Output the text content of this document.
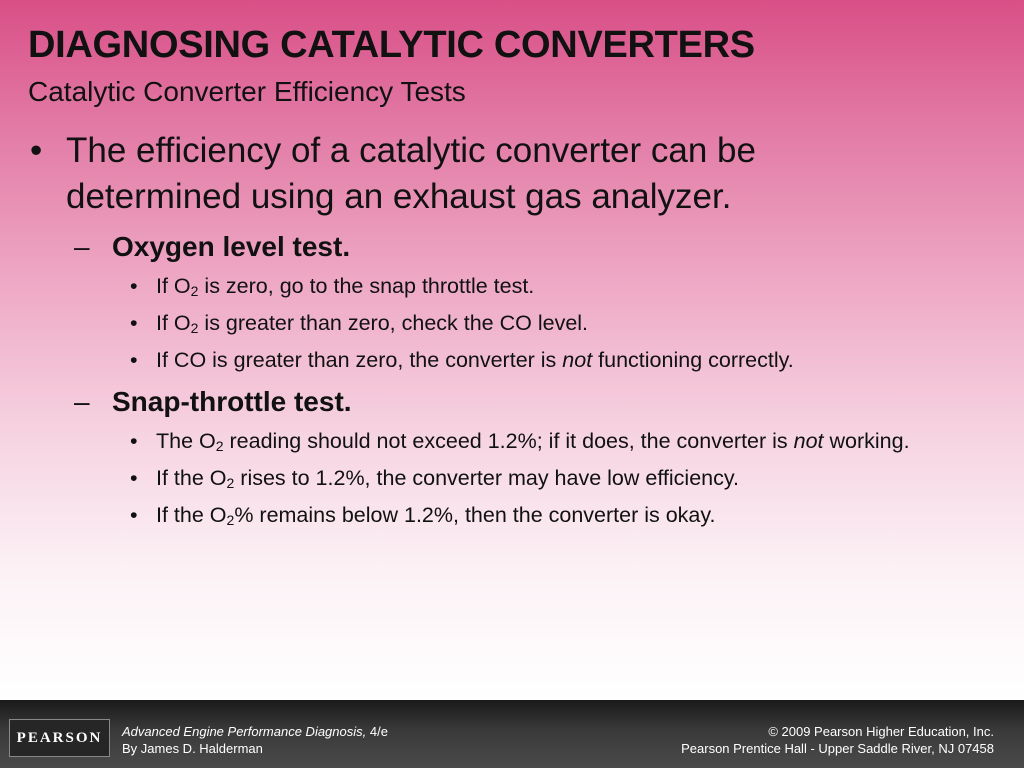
DIAGNOSING CATALYTIC CONVERTERS
Catalytic Converter Efficiency Tests
• The efficiency of a catalytic converter can be
determined using an exhaust gas analyzer.
– Oxygen level test.
• If $O_2$ is zero, go to the snap throttle test.
• If $O_2$ is greater than zero, check the CO level.
• If CO is greater than zero, the converter is not functioning correctly.
– Snap-throttle test.
• The $O_2$ reading should not exceed 1.2%; if it does, the converter is not working.
• If the $O_2$ rises to 1.2%, the converter may have low efficiency.
• If the $O_2\%$ remains below 1.2%, then the converter is okay.
PEARSON	Advanced Engine Performance Diagnosis, 4/e
By James D. Halderman
© 2009 Pearson Higher Education, Inc.
Pearson Prentice Hall - Upper Saddle River, NJ 07458
